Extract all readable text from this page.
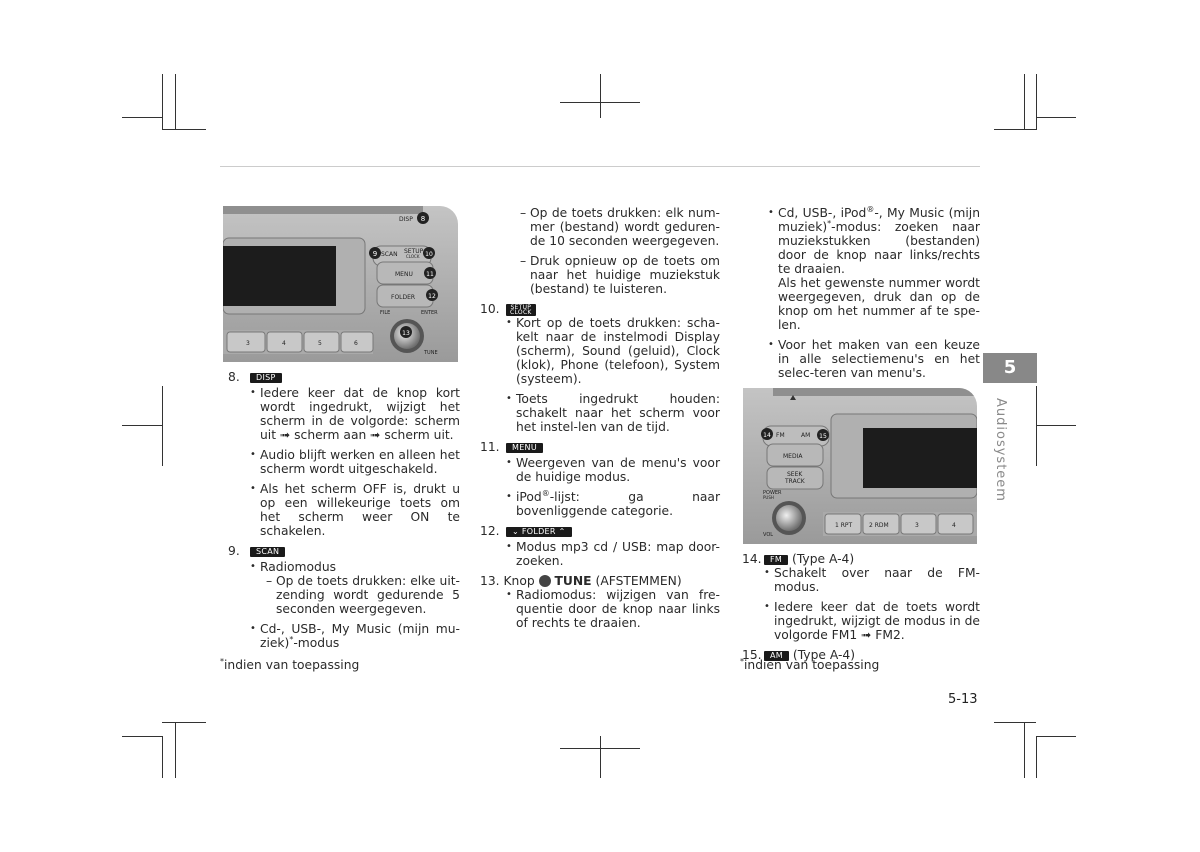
DISP
SCAN SETUP
CLOCK
MENU
FOLDER
FILE	ENTER
TUNE
3	4	5	6
8
9	10
11
12
13
8.	DISP
• Iedere keer dat de knop kort wordt ingedrukt, wijzigt het scherm in de volgorde: scherm uit ➟ scherm aan ➟ scherm uit.
• Audio blijft werken en alleen het scherm wordt uitgeschakeld.
• Als het scherm OFF is, drukt u op een willekeurige toets om het scherm weer ON te schakelen.
9.	SCAN
• Radiomodus
– Op de toets drukken: elke uit-zending wordt gedurende 5 seconden weergegeven.
• Cd-, USB-, My Music (mijn mu-ziek)*-modus
*indien van toepassing
– Op de toets drukken: elk num-mer (bestand) wordt geduren-de 10 seconden weergegeven.
– Druk opnieuw op de toets om naar het huidige muziekstuk (bestand) te luisteren.
10.	SETUP
CLOCK
• Kort op de toets drukken: scha-kelt naar de instelmodi Display (scherm), Sound (geluid), Clock (klok), Phone (telefoon), System (systeem).
• Toets ingedrukt houden: schakelt naar het scherm voor het instel-len van de tijd.
11.	MENU
• Weergeven van de menu's voor de huidige modus.
• iPod®-lijst: ga naar bovenliggende categorie.
12.	⌄ FOLDER ⌃
• Modus mp3 cd / USB: map door-zoeken.
13. Knop TUNE (AFSTEMMEN)
• Radiomodus: wijzigen van fre-quentie door de knop naar links of rechts te draaien.
• Cd, USB-, iPod®-, My Music (mijn muziek)*-modus: zoeken naar muziekstukken (bestanden) door de knop naar links/rechts te draaien.
Als het gewenste nummer wordt weergegeven, druk dan op de knop om het nummer af te spe-len.
• Voor het maken van een keuze in alle selectiemenu's en het selec-teren van menu's.
FM	AM
MEDIA
SEEK
TRACK
POWER
PUSH
VOL
1 RPT	2 RDM	3	4
14	15
14.	FM (Type A-4)
• Schakelt over naar de FM-modus.
• Iedere keer dat de toets wordt ingedrukt, wijzigt de modus in de volgorde FM1 ➟ FM2.
15.	AM (Type A-4)
*indien van toepassing
5
Audiosysteem
5-13
